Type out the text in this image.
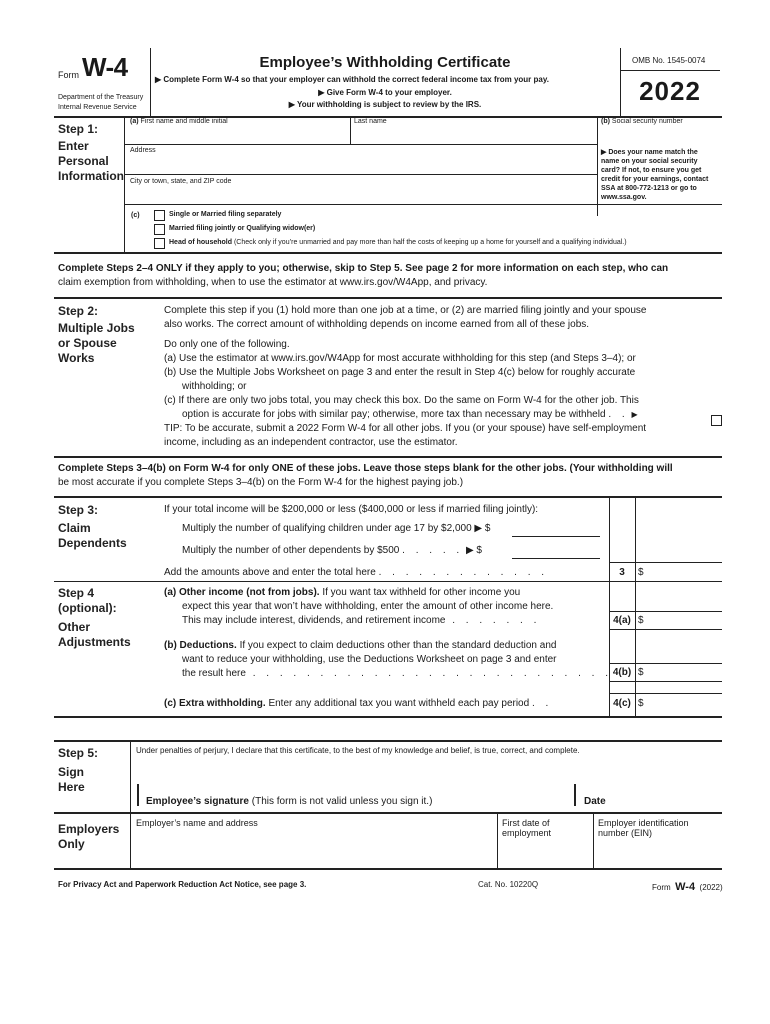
Form W-4
Department of the Treasury
Internal Revenue Service
Employee’s Withholding Certificate
▶ Complete Form W-4 so that your employer can withhold the correct federal income tax from your pay.
▶ Give Form W-4 to your employer.
▶ Your withholding is subject to review by the IRS.
OMB No. 1545-0074
2022
Step 1:
Enter
Personal
Information
(a) First name and middle initial	Last name	(b) Social security number
Address
City or town, state, and ZIP code
▶ Does your name match the
name on your social security
card? If not, to ensure you get
credit for your earnings, contact
SSA at 800-772-1213 or go to
www.ssa.gov.
(c)	Single or Married filing separately
Married filing jointly or Qualifying widow(er)
Head of household (Check only if you’re unmarried and pay more than half the costs of keeping up a home for yourself and a qualifying individual.)
Complete Steps 2–4 ONLY if they apply to you; otherwise, skip to Step 5. See page 2 for more information on each step, who can
claim exemption from withholding, when to use the estimator at www.irs.gov/W4App, and privacy.
Step 2:
Multiple Jobs
or Spouse
Works
Complete this step if you (1) hold more than one job at a time, or (2) are married filing jointly and your spouse
also works. The correct amount of withholding depends on income earned from all of these jobs.
Do only one of the following.
(a) Use the estimator at www.irs.gov/W4App for most accurate withholding for this step (and Steps 3–4); or
(b) Use the Multiple Jobs Worksheet on page 3 and enter the result in Step 4(c) below for roughly accurate
withholding; or
(c) If there are only two jobs total, you may check this box. Do the same on Form W-4 for the other job. This
option is accurate for jobs with similar pay; otherwise, more tax than necessary may be withheld . . ▶
TIP: To be accurate, submit a 2022 Form W-4 for all other jobs. If you (or your spouse) have self-employment
income, including as an independent contractor, use the estimator.
Complete Steps 3–4(b) on Form W-4 for only ONE of these jobs. Leave those steps blank for the other jobs. (Your withholding will
be most accurate if you complete Steps 3–4(b) on the Form W-4 for the highest paying job.)
Step 3:
Claim
Dependents
If your total income will be $200,000 or less ($400,000 or less if married filing jointly):
Multiply the number of qualifying children under age 17 by $2,000 ▶ $
Multiply the number of other dependents by $500 . . . . . ▶ $
Add the amounts above and enter the total here . . . . . . . . . . . . .	3	$
Step 4
(optional):
Other
Adjustments
(a) Other income (not from jobs). If you want tax withheld for other income you
expect this year that won’t have withholding, enter the amount of other income here.
This may include interest, dividends, and retirement income . . . . . . .	4(a) $
(b) Deductions. If you expect to claim deductions other than the standard deduction and
want to reduce your withholding, use the Deductions Worksheet on page 3 and enter
the result here . . . . . . . . . . . . . . . . . . . . . . . . . . . 4(b) $
(c) Extra withholding. Enter any additional tax you want withheld each pay period . .	4(c) $
Step 5:
Sign
Here
Under penalties of perjury, I declare that this certificate, to the best of my knowledge and belief, is true, correct, and complete.
Employee’s signature (This form is not valid unless you sign it.)	Date
Employers
Only
Employer’s name and address	First date of
employment
Employer identification
number (EIN)
For Privacy Act and Paperwork Reduction Act Notice, see page 3.	Cat. No. 10220Q	Form W-4 (2022)
